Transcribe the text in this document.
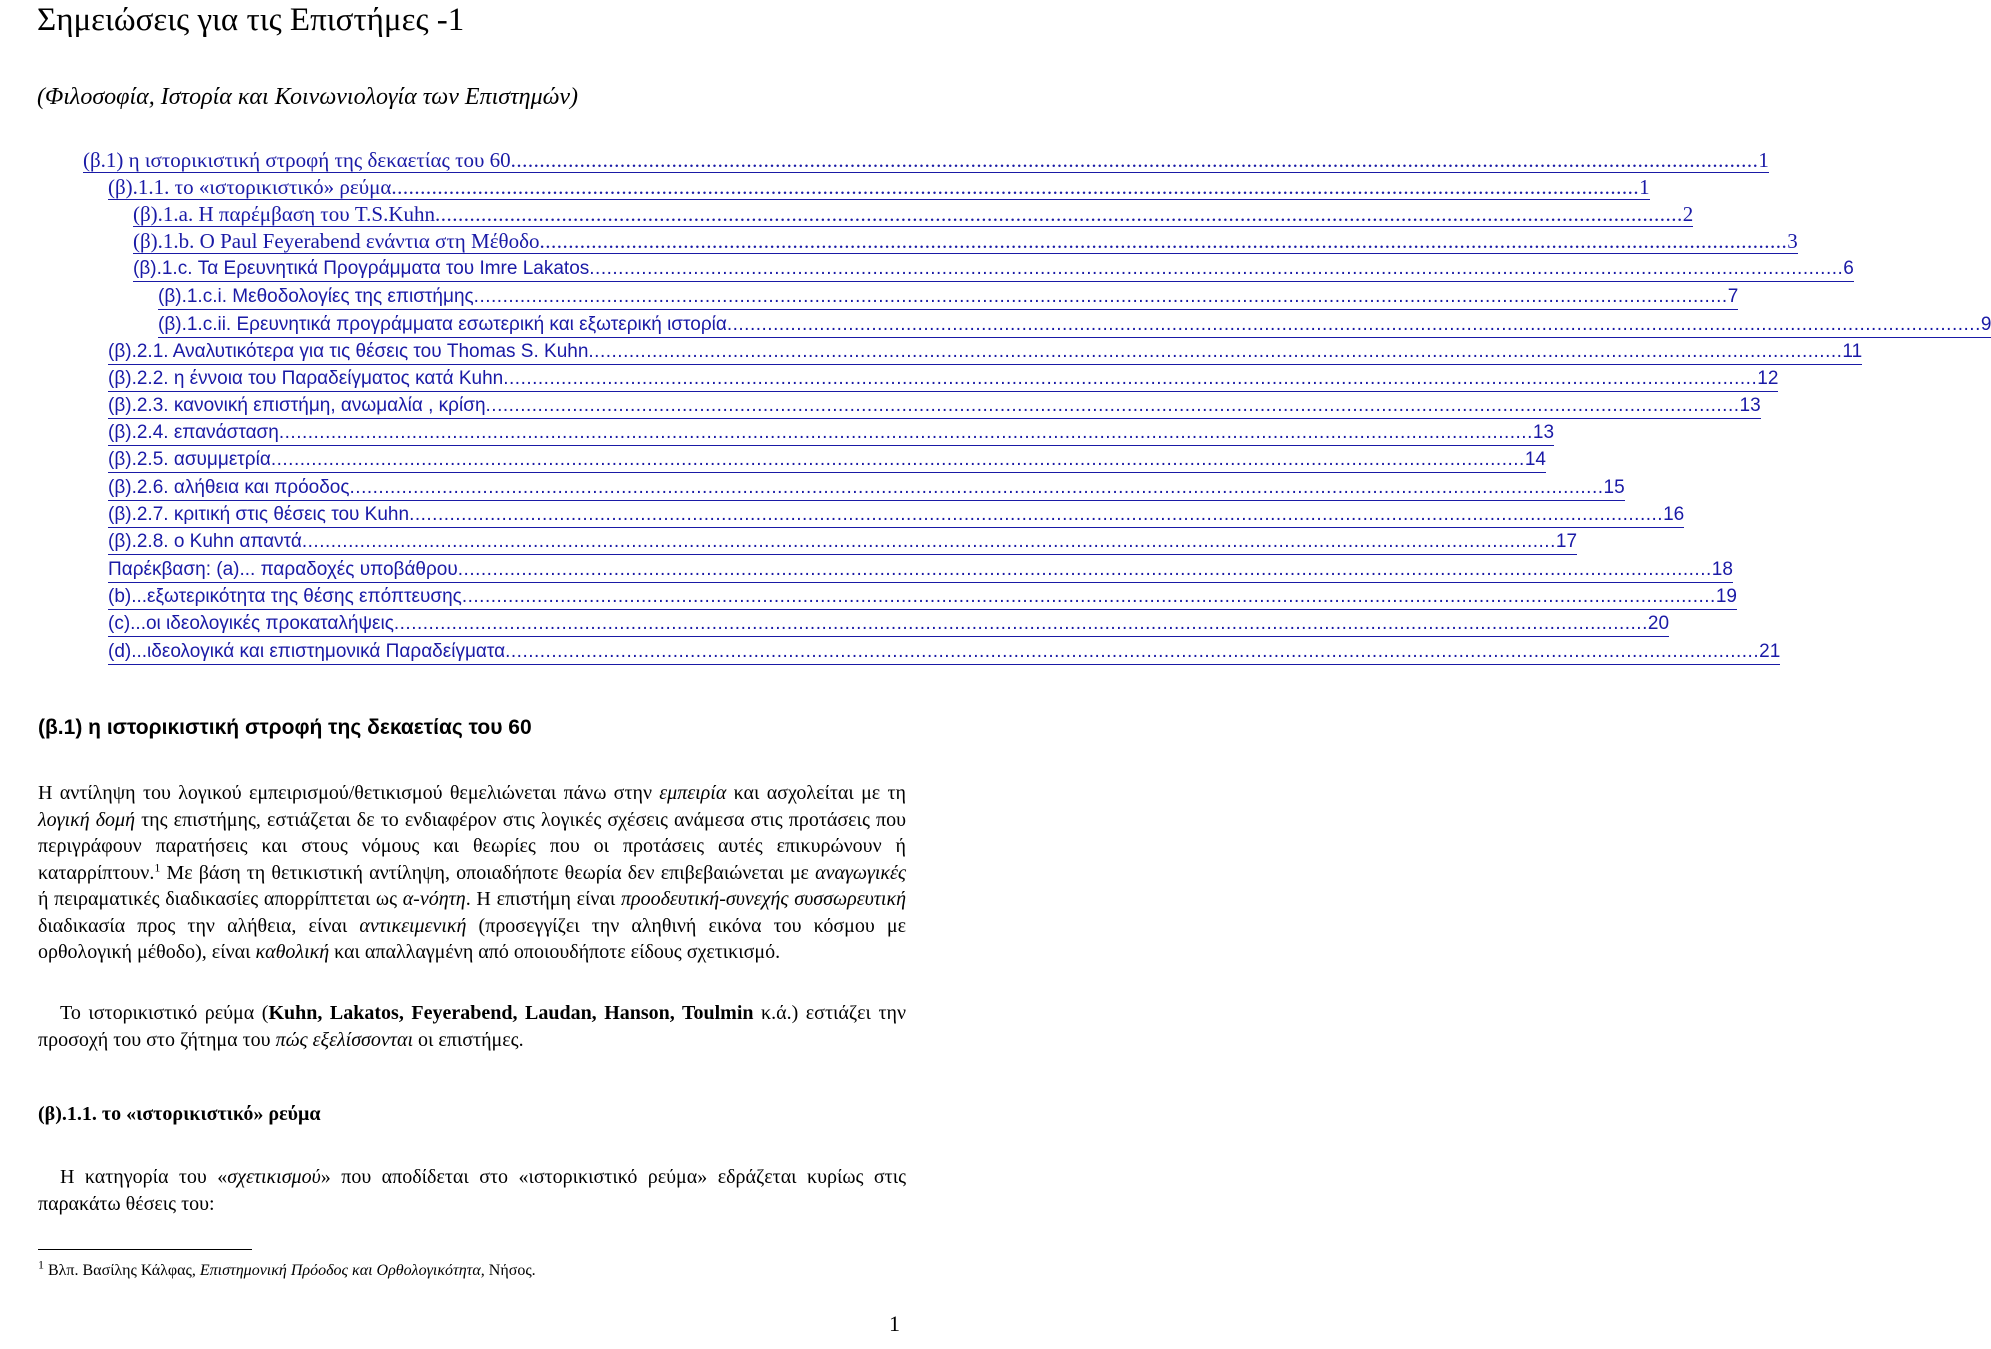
Σημειώσεις για τις Επιστήμες -1
(Φιλοσοφία, Ιστορία και Κοινωνιολογία των Επιστημών)
(β.1) η ιστορικιστική στροφή της δεκαετίας του 60 .....	1
(β).1.1. το «ιστορικιστικό» ρεύμα .....	1
(β).1.a. Η παρέμβαση του T.S.Kuhn .....	2
(β).1.b. Ο Paul Feyerabend ενάντια στη Μέθοδο .....	3
(β).1.c. Τα Ερευνητικά Προγράμματα του Imre Lakatos .....	6
(β).1.c.i. Μεθοδολογίες της επιστήμης .....	7
(β).1.c.ii. Ερευνητικά προγράμματα εσωτερική και εξωτερική ιστορία .....	9
(β).2.1. Αναλυτικότερα για τις θέσεις του Thomas S. Kuhn .....	11
(β).2.2. η έννοια του Παραδείγματος κατά Kuhn .....	12
(β).2.3. κανονική επιστήμη, ανωμαλία , κρίση .....	13
(β).2.4. επανάσταση .....	13
(β).2.5. ασυμμετρία .....	14
(β).2.6. αλήθεια και πρόοδος .....	15
(β).2.7. κριτική στις θέσεις του Kuhn .....	16
(β).2.8. ο Kuhn απαντά .....	17
Παρέκβαση: (a)... παραδοχές υποβάθρου .....	18
(b)...εξωτερικότητα της θέσης επόπτευσης .....	19
(c)...οι ιδεολογικές προκαταλήψεις .....	20
(d)...ιδεολογικά και επιστημονικά Παραδείγματα .....	21
(β.1) η ιστορικιστική στροφή της δεκαετίας του 60

Η αντίληψη του λογικού εμπειρισμού/θετικισμού θεμελιώνεται πάνω στην εμπειρία και ασχολείται με τη λογική δομή της επιστήμης, εστιάζεται δε το ενδιαφέρον στις λογικές σχέσεις ανάμεσα στις προτάσεις που περιγράφουν παρατήσεις και στους νόμους και θεωρίες που οι προτάσεις αυτές επικυρώνουν ή καταρρίπτουν.$^1$ Με βάση τη θετικιστική αντίληψη, οποιαδήποτε θεωρία δεν επιβεβαιώνεται με αναγωγικές ή πειραματικές διαδικασίες απορρίπτεται ως α-νόητη. Η επιστήμη είναι προοδευτική-συνεχής συσσωρευτική διαδικασία προς την αλήθεια, είναι αντικειμενική (προσεγγίζει την αληθινή εικόνα του κόσμου με ορθολογική μέθοδο), είναι καθολική και απαλλαγμένη από οποιουδήποτε είδους σχετικισμό.

Το ιστορικιστικό ρεύμα (Kuhn, Lakatos, Feyerabend, Laudan, Hanson, Toulmin κ.ά.) εστιάζει την προσοχή του στο ζήτημα του πώς εξελίσσονται οι επιστήμες.

(β).1.1. το «ιστορικιστικό» ρεύμα

Η κατηγορία του «σχετικισμού» που αποδίδεται στο «ιστορικιστικό ρεύμα» εδράζεται κυρίως στις παρακάτω θέσεις του:

$^1$ Βλπ. Βασίλης Κάλφας, Επιστημονική Πρόοδος και Ορθολογικότητα, Νήσος.
1
